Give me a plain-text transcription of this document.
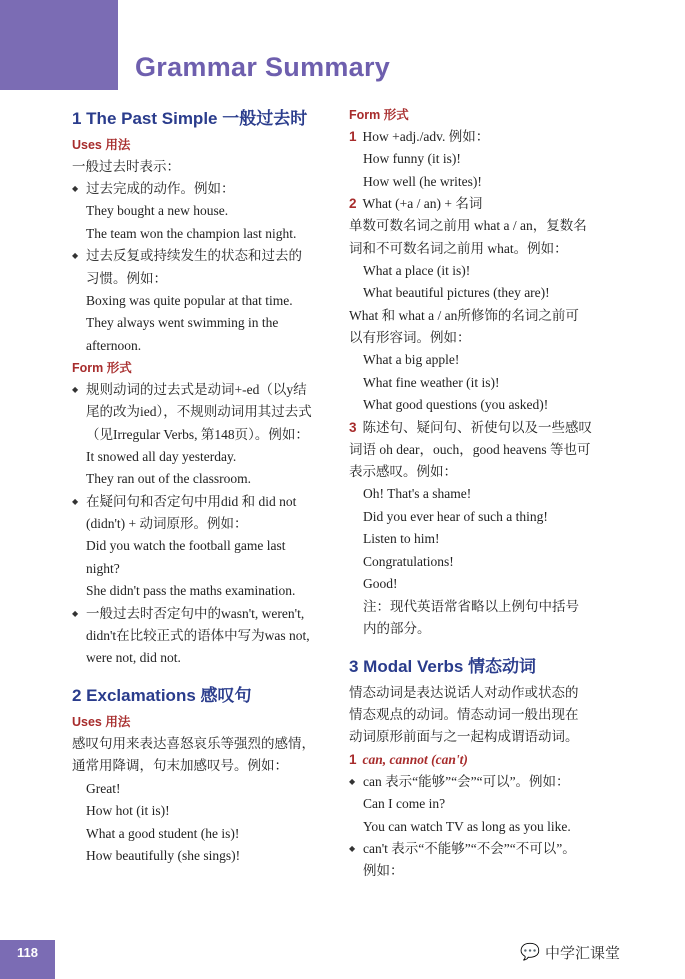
Grammar Summary
1 The Past Simple 一般过去时
Uses 用法
一般过去时表示：
◆ 过去完成的动作。例如：
They bought a new house.
The team won the champion last night.
◆ 过去反复或持续发生的状态和过去的
习惯。例如：
Boxing was quite popular at that time.
They always went swimming in the
afternoon.
Form 形式
◆ 规则动词的过去式是动词+-ed（以y结
尾的改为ied），不规则动词用其过去式
（见Irregular Verbs, 第148页）。例如：
It snowed all day yesterday.
They ran out of the classroom.
◆ 在疑问句和否定句中用did 和 did not
(didn't) + 动词原形。例如：
Did you watch the football game last
night?
She didn't pass the maths examination.
◆ 一般过去时否定句中的wasn't, weren't,
didn't在比较正式的语体中写为was not,
were not, did not.
2 Exclamations 感叹句
Uses 用法
感叹句用来表达喜怒哀乐等强烈的感情，
通常用降调，句末加感叹号。例如：
Great!
How hot (it is)!
What a good student (he is)!
How beautifully (she sings)!
Form 形式
1 How +adj./adv. 例如：
How funny (it is)!
How well (he writes)!
2 What (+a / an) + 名词
单数可数名词之前用 what a / an，复数名
词和不可数名词之前用 what。例如：
What a place (it is)!
What beautiful pictures (they are)!
What 和 what a / an所修饰的名词之前可
以有形容词。例如：
What a big apple!
What fine weather (it is)!
What good questions (you asked)!
3 陈述句、疑问句、祈使句以及一些感叹
词语 oh dear，ouch，good heavens 等也可
表示感叹。例如：
Oh! That's a shame!
Did you ever hear of such a thing!
Listen to him!
Congratulations!
Good!
注：现代英语常省略以上例句中括号
内的部分。
3 Modal Verbs 情态动词
情态动词是表达说话人对动作或状态的
情态观点的动词。情态动词一般出现在
动词原形前面与之一起构成谓语动词。
1 can, cannot (can't)
◆ can 表示“能够”“会”“可以”。例如：
Can I come in?
You can watch TV as long as you like.
◆ can't 表示“不能够”“不会”“不可以”。
例如：
118	💬 中学汇课堂
